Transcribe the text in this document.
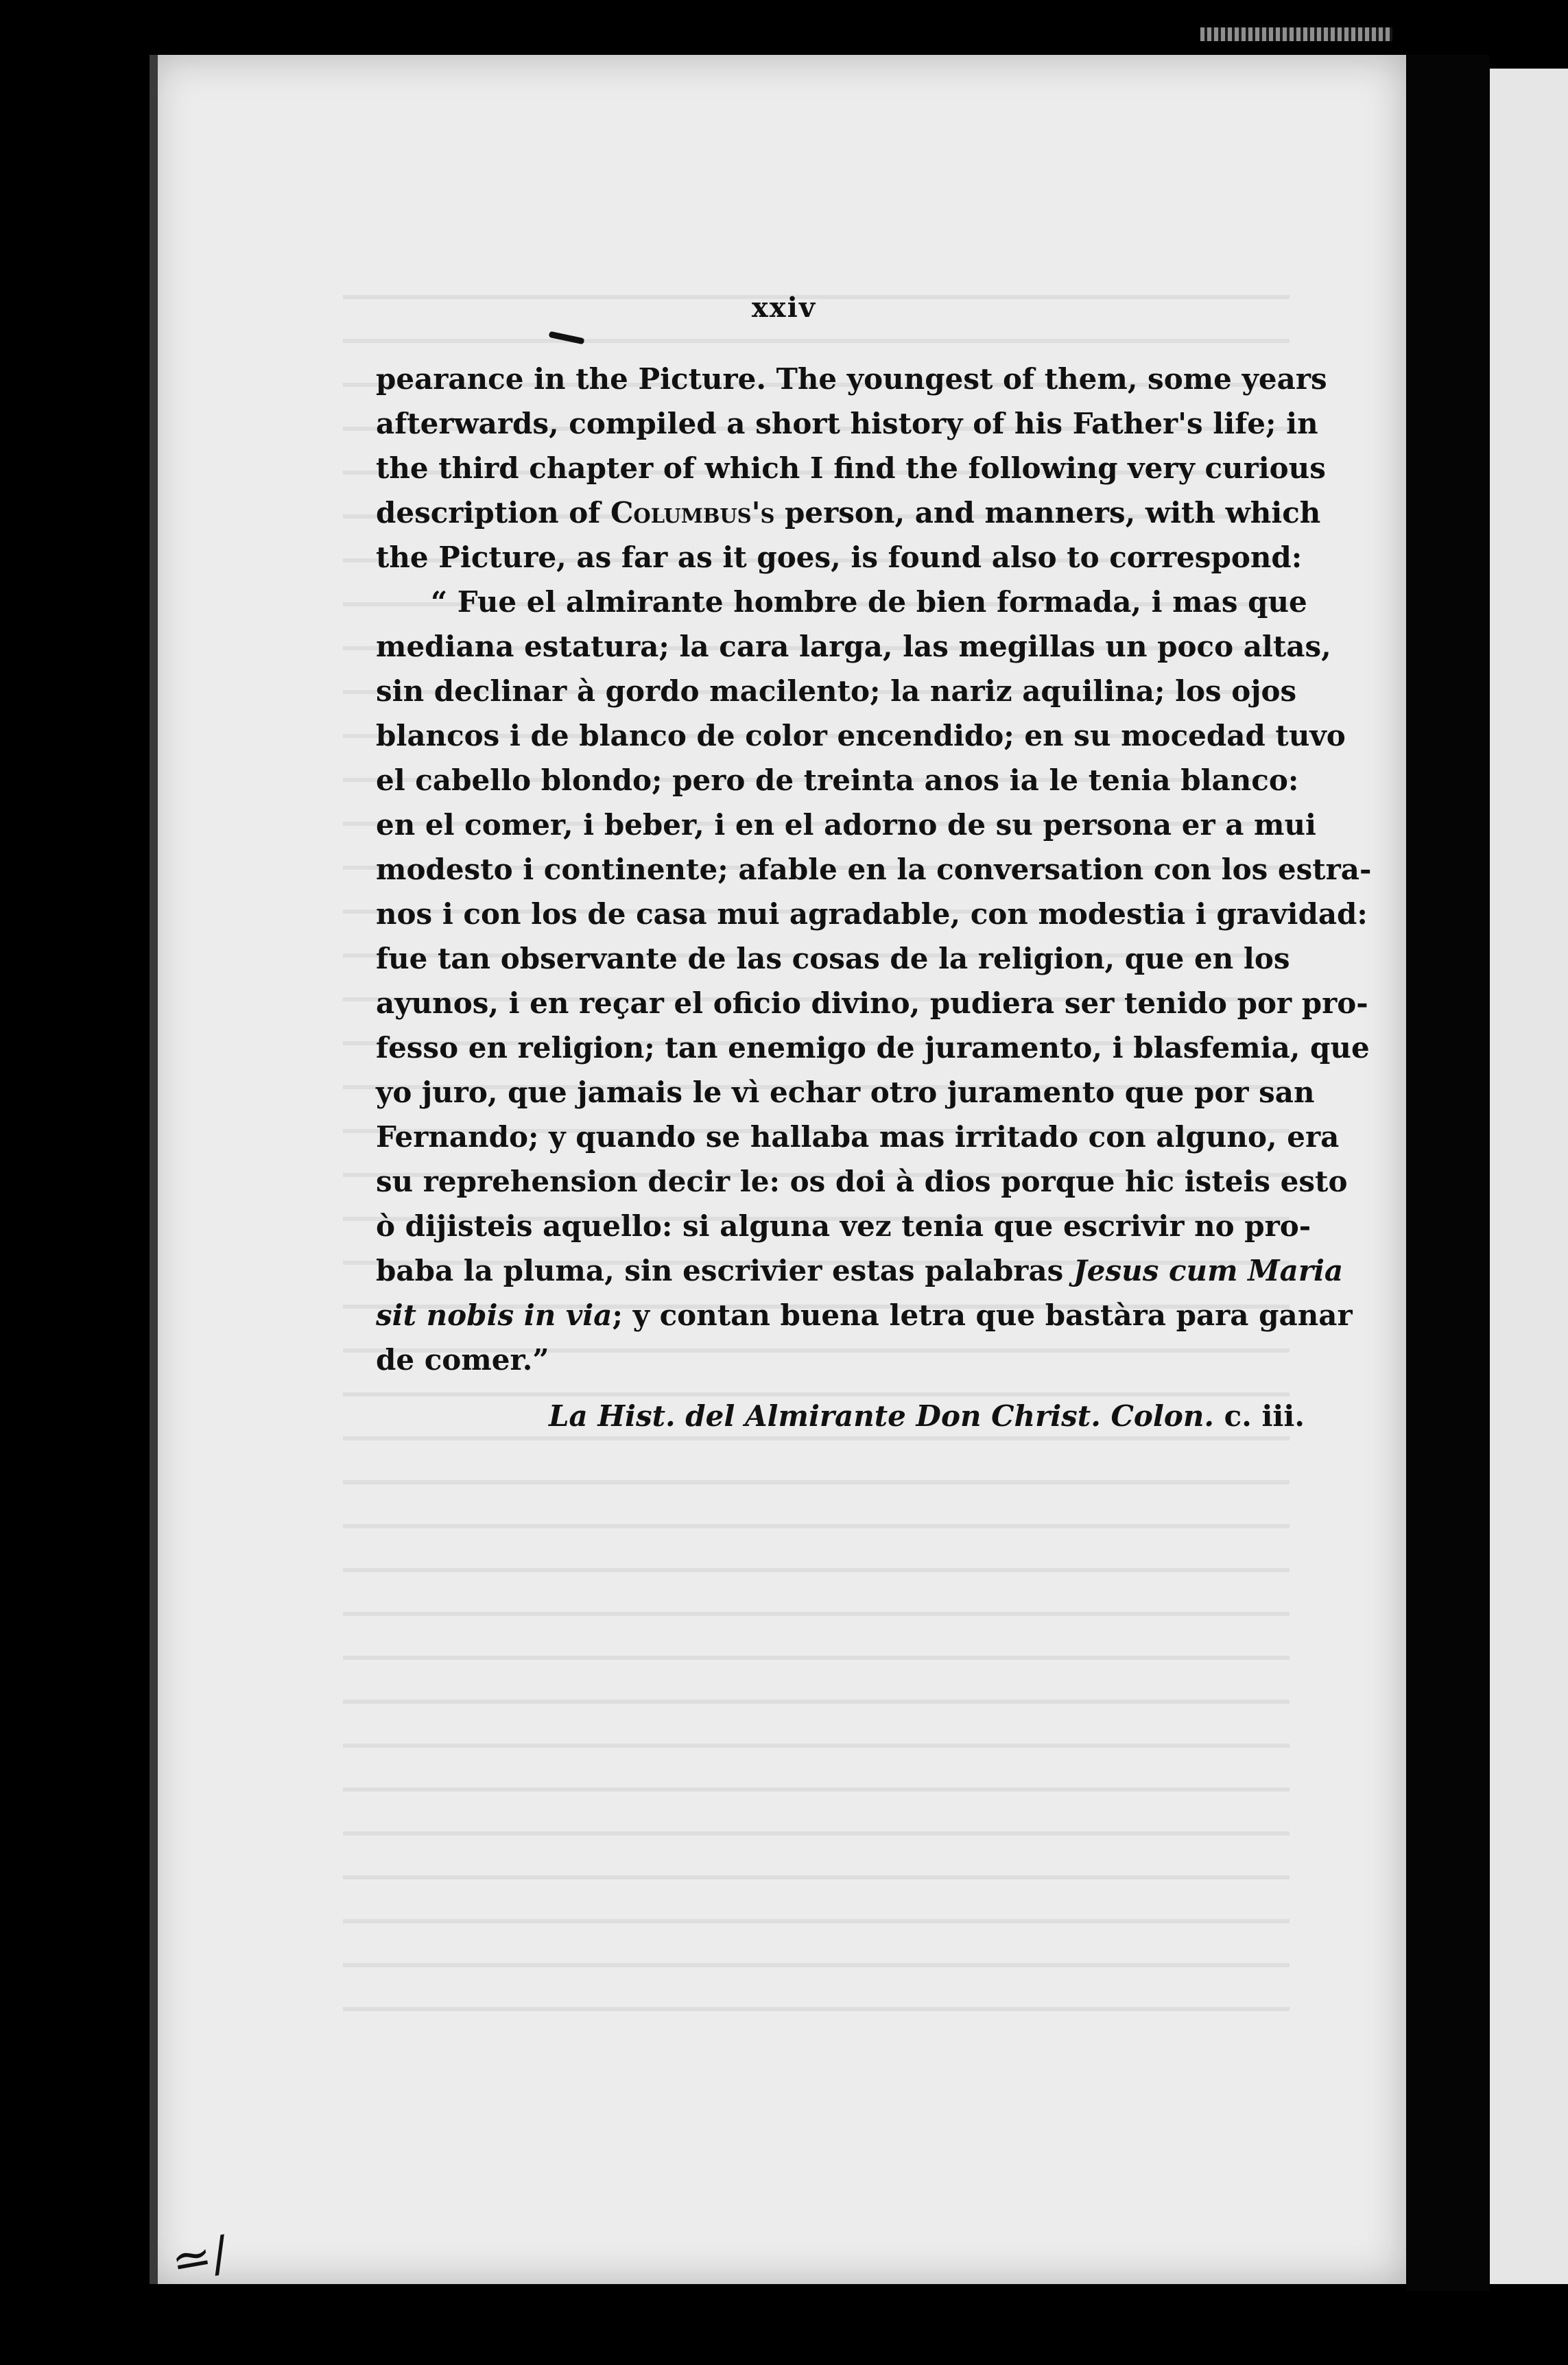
xxiv
pearance in the Picture. The youngest of them, some years
afterwards, compiled a short history of his Father's life; in
the third chapter of which I find the following very curious
description of Columbus's person, and manners, with which
the Picture, as far as it goes, is found also to correspond:
“ Fue el almirante hombre de bien formada, i mas que
mediana estatura; la cara larga, las megillas un poco altas,
sin declinar à gordo macilento; la nariz aquilina; los ojos
blancos i de blanco de color encendido; en su mocedad tuvo
el cabello blondo; pero de treinta anos ia le tenia blanco:
en el comer, i beber, i en el adorno de su persona er a mui
modesto i continente; afable en la conversation con los estra-
nos i con los de casa mui agradable, con modestia i gravidad:
fue tan observante de las cosas de la religion, que en los
ayunos, i en reçar el oficio divino, pudiera ser tenido por pro-
fesso en religion; tan enemigo de juramento, i blasfemia, que
yo juro, que jamais le vì echar otro juramento que por san
Fernando; y quando se hallaba mas irritado con alguno, era
su reprehension decir le: os doi à dios porque hic isteis esto
ò dijisteis aquello: si alguna vez tenia que escrivir no pro-
baba la pluma, sin escrivier estas palabras Jesus cum Maria
sit nobis in via; y contan buena letra que bastàra para ganar
de comer.”
La Hist. del Almirante Don Christ. Colon. c. iii.
≃/
